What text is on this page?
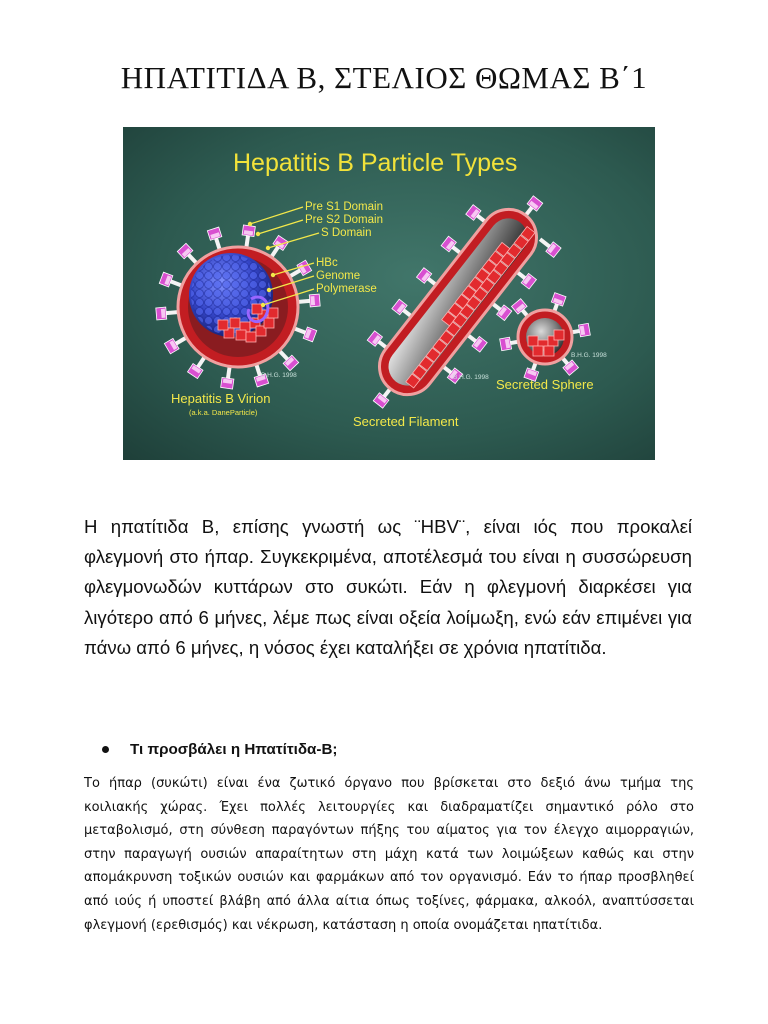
ΗΠΑΤΙΤΙΔΑ Β, ΣΤΕΛΙΟΣ ΘΩΜΑΣ Β΄1
Hepatitis B Particle Types
Pre S1 Domain
Pre S2 Domain
S Domain
HBc
Genome
Polymerase
Hepatitis B Virion
(a.k.a. DaneParticle)
B.H.G. 1998
Secreted Filament
B.H.G. 1998 Secreted Sphere
B.H.G. 1998
Η ηπατίτιδα Β, επίσης γνωστή ως ¨HBV¨, είναι ιός που προκαλεί φλεγμονή στο ήπαρ. Συγκεκριμένα, αποτέλεσμά του είναι η συσσώρευση φλεγμονωδών κυττάρων στο συκώτι. Εάν η φλεγμονή διαρκέσει για λιγότερο από 6 μήνες, λέμε πως είναι οξεία λοίμωξη, ενώ εάν επιμένει για πάνω από 6 μήνες, η νόσος έχει καταλήξει σε χρόνια ηπατίτιδα.
Τι προσβάλει η Ηπατίτιδα-Β;
Το ήπαρ (συκώτι) είναι ένα ζωτικό όργανο που βρίσκεται στο δεξιό άνω τμήμα της κοιλιακής χώρας. Έχει πολλές λειτουργίες και διαδραματίζει σημαντικό ρόλο στο μεταβολισμό, στη σύνθεση παραγόντων πήξης του αίματος για τον έλεγχο αιμορραγιών, στην παραγωγή ουσιών απαραίτητων στη μάχη κατά των λοιμώξεων καθώς και στην απομάκρυνση τοξικών ουσιών και φαρμάκων από τον οργανισμό. Εάν το ήπαρ προσβληθεί από ιούς ή υποστεί βλάβη από άλλα αίτια όπως τοξίνες, φάρμακα, αλκοόλ, αναπτύσσεται φλεγμονή (ερεθισμός) και νέκρωση, κατάσταση η οποία ονομάζεται ηπατίτιδα.
